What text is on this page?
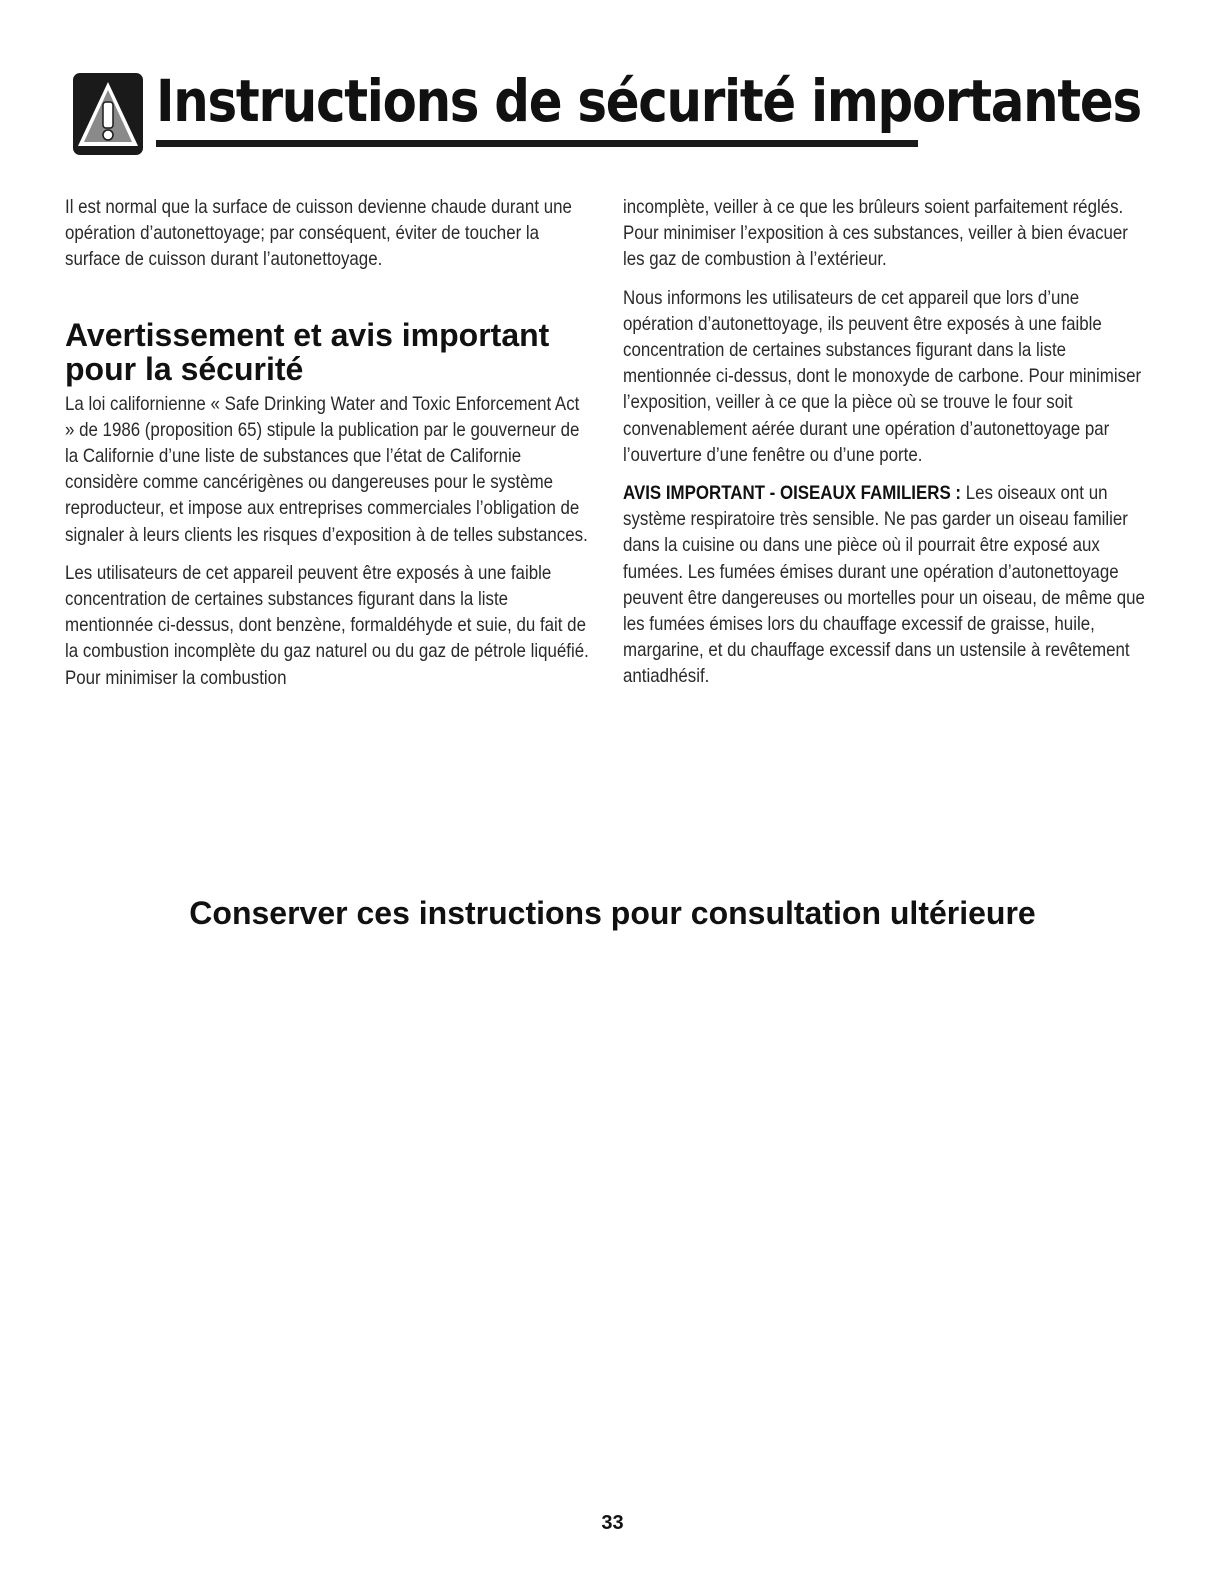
Instructions de sécurité importantes

Il est normal que la surface de cuisson devienne chaude durant une opération d’autonettoyage; par conséquent, éviter de toucher la surface de cuisson durant l’autonettoyage.

Avertissement et avis important pour la sécurité

La loi californienne « Safe Drinking Water and Toxic Enforcement Act » de 1986 (proposition 65) stipule la publication par le gouverneur de la Californie d’une liste de substances que l’état de Californie considère comme cancérigènes ou dangereuses pour le système reproducteur, et impose aux entreprises commerciales l’obligation de signaler à leurs clients les risques d’exposition à de telles substances.

Les utilisateurs de cet appareil peuvent être exposés à une faible concentration de certaines substances figurant dans la liste mentionnée ci-dessus, dont benzène, formaldéhyde et suie, du fait de la combustion incomplète du gaz naturel ou du gaz de pétrole liquéfié. Pour minimiser la combustion

incomplète, veiller à ce que les brûleurs soient parfaitement réglés. Pour minimiser l’exposition à ces substances, veiller à bien évacuer les gaz de combustion à l’extérieur.

Nous informons les utilisateurs de cet appareil que lors d’une opération d’autonettoyage, ils peuvent être exposés à une faible concentration de certaines substances figurant dans la liste mentionnée ci-dessus, dont le monoxyde de carbone. Pour minimiser l’exposition, veiller à ce que la pièce où se trouve le four soit convenablement aérée durant une opération d’autonettoyage par l’ouverture d’une fenêtre ou d’une porte.

AVIS IMPORTANT - OISEAUX FAMILIERS : Les oiseaux ont un système respiratoire très sensible. Ne pas garder un oiseau familier dans la cuisine ou dans une pièce où il pourrait être exposé aux fumées. Les fumées émises durant une opération d’autonettoyage peuvent être dangereuses ou mortelles pour un oiseau, de même que les fumées émises lors du chauffage excessif de graisse, huile, margarine, et du chauffage excessif dans un ustensile à revêtement antiadhésif.

Conserver ces instructions pour consultation ultérieure

33
